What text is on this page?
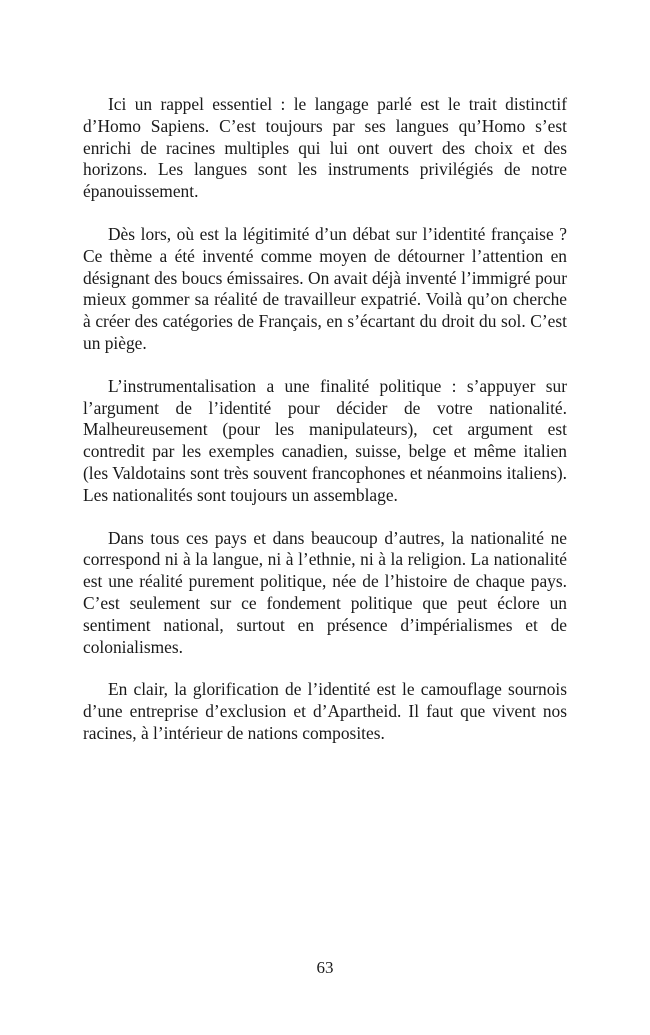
Ici un rappel essentiel : le langage parlé est le trait distinctif d’Homo Sapiens. C’est toujours par ses langues qu’Homo s’est enrichi de racines multiples qui lui ont ouvert des choix et des horizons. Les langues sont les instruments privilégiés de notre épanouissement.

Dès lors, où est la légitimité d’un débat sur l’identité française ? Ce thème a été inventé comme moyen de détourner l’attention en désignant des boucs émissaires. On avait déjà inventé l’immigré pour mieux gommer sa réalité de travailleur expatrié. Voilà qu’on cherche à créer des catégories de Français, en s’écartant du droit du sol. C’est un piège.

L’instrumentalisation a une finalité politique : s’appuyer sur l’argument de l’identité pour décider de votre nationalité. Malheureusement (pour les manipulateurs), cet argument est contredit par les exemples canadien, suisse, belge et même italien (les Valdotains sont très souvent francophones et néanmoins italiens). Les nationalités sont toujours un assemblage.

Dans tous ces pays et dans beaucoup d’autres, la nationalité ne correspond ni à la langue, ni à l’ethnie, ni à la religion. La nationalité est une réalité purement politique, née de l’histoire de chaque pays. C’est seulement sur ce fondement politique que peut éclore un sentiment national, surtout en présence d’impérialismes et de colonialismes.

En clair, la glorification de l’identité est le camouflage sournois d’une entreprise d’exclusion et d’Apartheid. Il faut que vivent nos racines, à l’intérieur de nations composites.

63
